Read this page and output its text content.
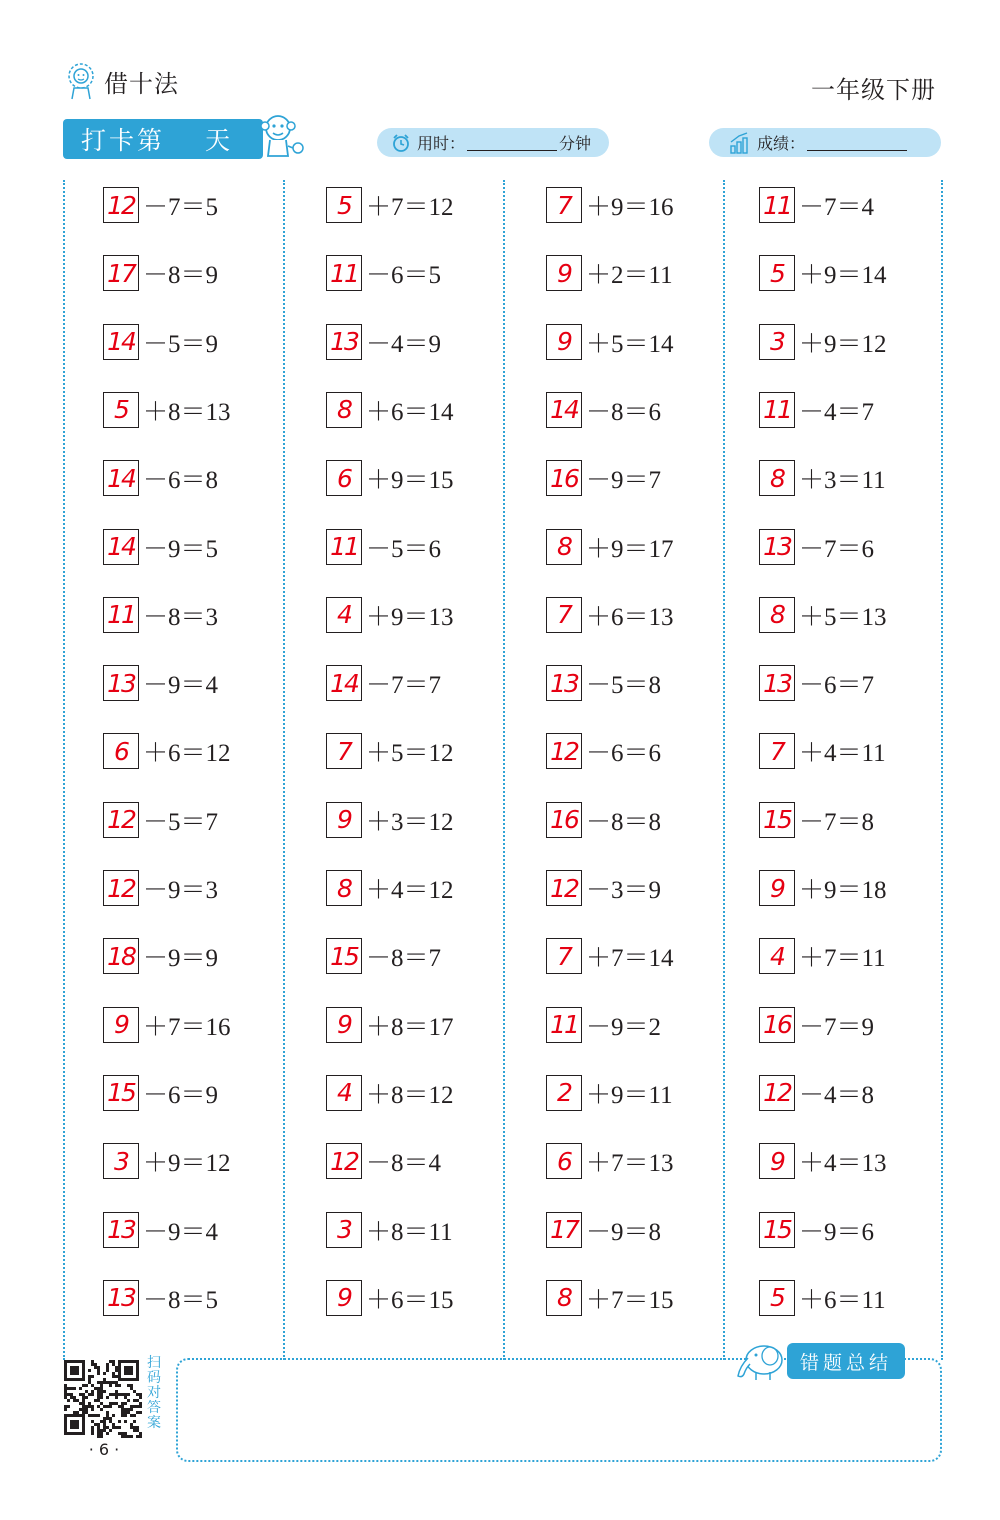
借十法	一年级下册
打卡第 天	用时：	分钟	成绩：
12 －7＝5
17 －8＝9
14 －5＝9
5 ＋8＝13
14 －6＝8
14 －9＝5
11 －8＝3
13 －9＝4
6 ＋6＝12
12 －5＝7
12 －9＝3
18 －9＝9
9 ＋7＝16
15 －6＝9
3 ＋9＝12
13 －9＝4
13 －8＝5
5 ＋7＝12
11 －6＝5
13 －4＝9
8 ＋6＝14
6 ＋9＝15
11 －5＝6
4 ＋9＝13
14 －7＝7
7 ＋5＝12
9 ＋3＝12
8 ＋4＝12
15 －8＝7
9 ＋8＝17
4 ＋8＝12
12 －8＝4
3 ＋8＝11
9 ＋6＝15
7 ＋9＝16
9 ＋2＝11
9 ＋5＝14
14 －8＝6
16 －9＝7
8 ＋9＝17
7 ＋6＝13
13 －5＝8
12 －6＝6
16 －8＝8
12 －3＝9
7 ＋7＝14
11 －9＝2
2 ＋9＝11
6 ＋7＝13
17 －9＝8
8 ＋7＝15
11 －7＝4
5 ＋9＝14
3 ＋9＝12
11 －4＝7
8 ＋3＝11
13 －7＝6
8 ＋5＝13
13 －6＝7
7 ＋4＝11
15 －7＝8
9 ＋9＝18
4 ＋7＝11
16 －7＝9
12 －4＝8
9 ＋4＝13
15 －9＝6
5 ＋6＝11
错题总结
扫码对答案
· 6 ·
